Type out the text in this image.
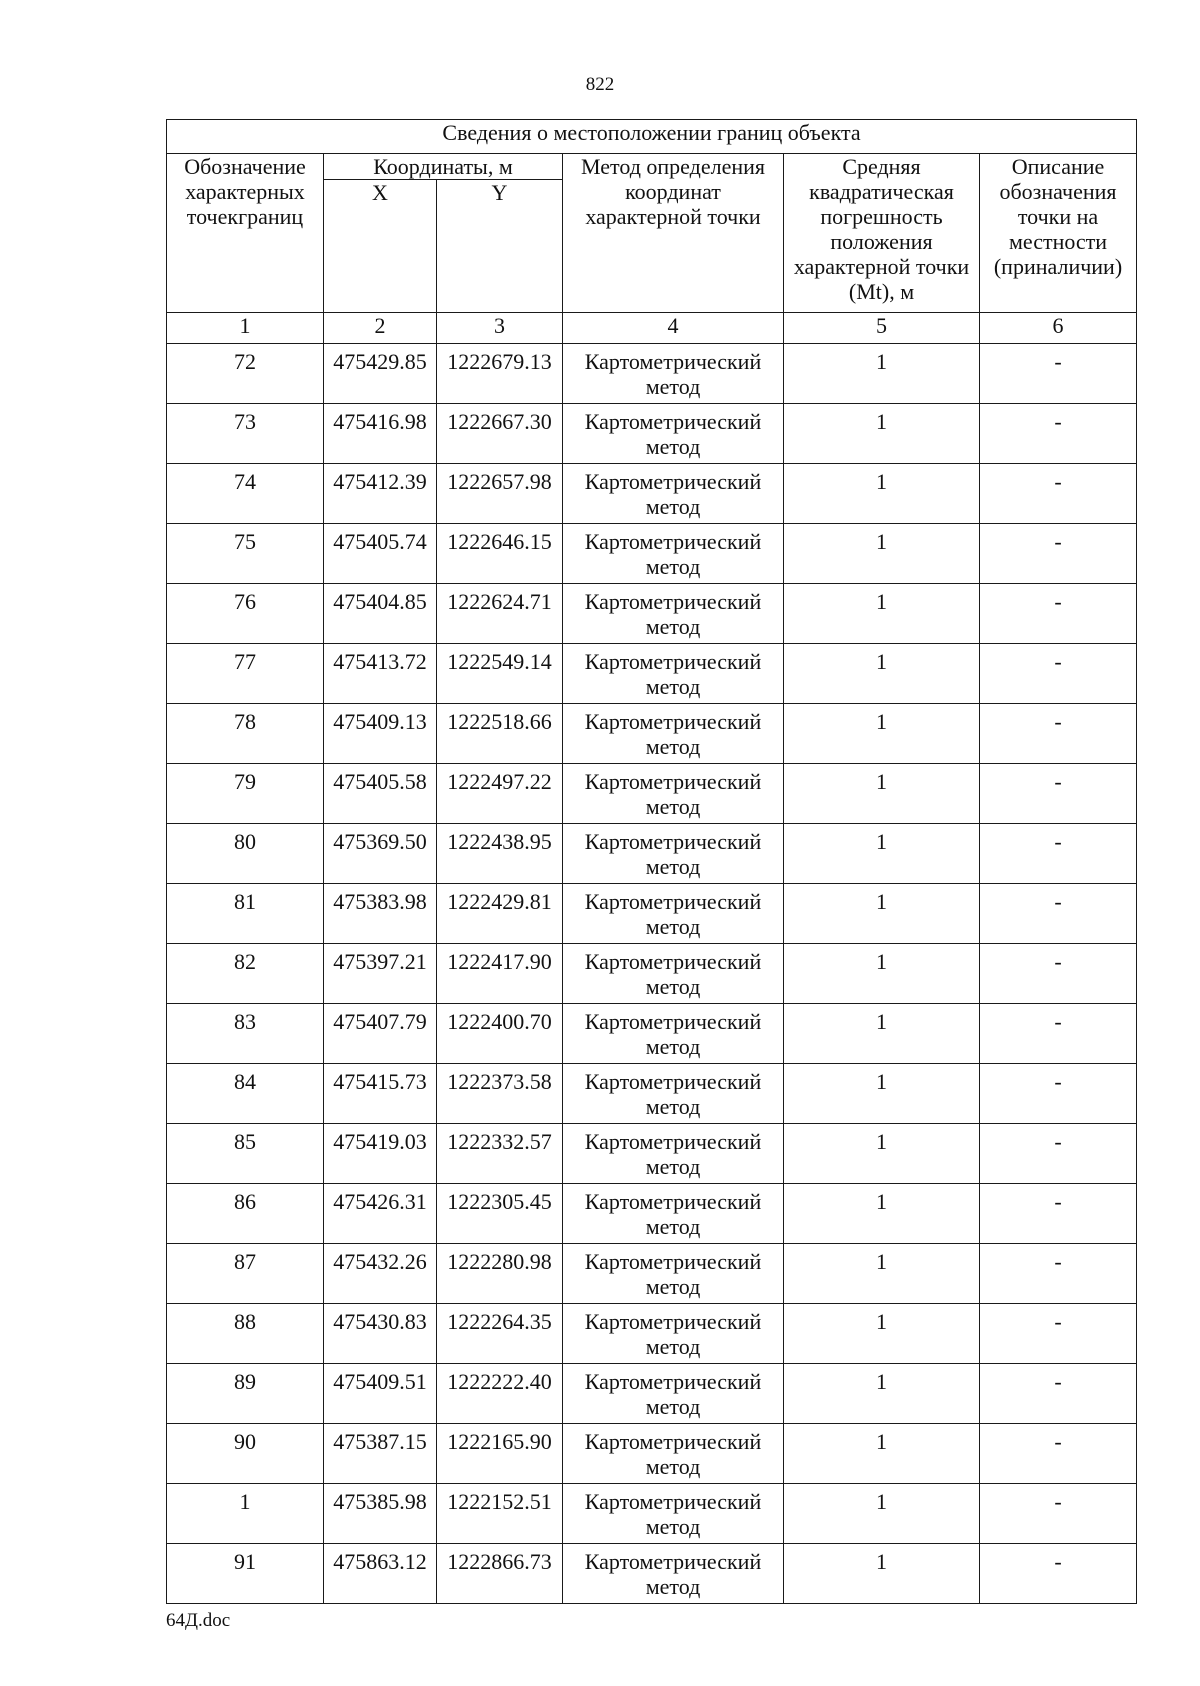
822
Сведения о местоположении границ объекта					
Обозначение характерных точекграниц	Координаты, м		Метод определения координат характерной точки	Средняя квадратическая погрешность положения характерной точки (Mt), м	Описание обозначения точки на местности (приналичии)
	X	Y			
1	2	3	4	5	6
72	475429.85	1222679.13	Картометрический метод	1	-
73	475416.98	1222667.30	Картометрический метод	1	-
74	475412.39	1222657.98	Картометрический метод	1	-
75	475405.74	1222646.15	Картометрический метод	1	-
76	475404.85	1222624.71	Картометрический метод	1	-
77	475413.72	1222549.14	Картометрический метод	1	-
78	475409.13	1222518.66	Картометрический метод	1	-
79	475405.58	1222497.22	Картометрический метод	1	-
80	475369.50	1222438.95	Картометрический метод	1	-
81	475383.98	1222429.81	Картометрический метод	1	-
82	475397.21	1222417.90	Картометрический метод	1	-
83	475407.79	1222400.70	Картометрический метод	1	-
84	475415.73	1222373.58	Картометрический метод	1	-
85	475419.03	1222332.57	Картометрический метод	1	-
86	475426.31	1222305.45	Картометрический метод	1	-
87	475432.26	1222280.98	Картометрический метод	1	-
88	475430.83	1222264.35	Картометрический метод	1	-
89	475409.51	1222222.40	Картометрический метод	1	-
90	475387.15	1222165.90	Картометрический метод	1	-
1	475385.98	1222152.51	Картометрический метод	1	-
91	475863.12	1222866.73	Картометрический метод	1	-
64Д.doc
